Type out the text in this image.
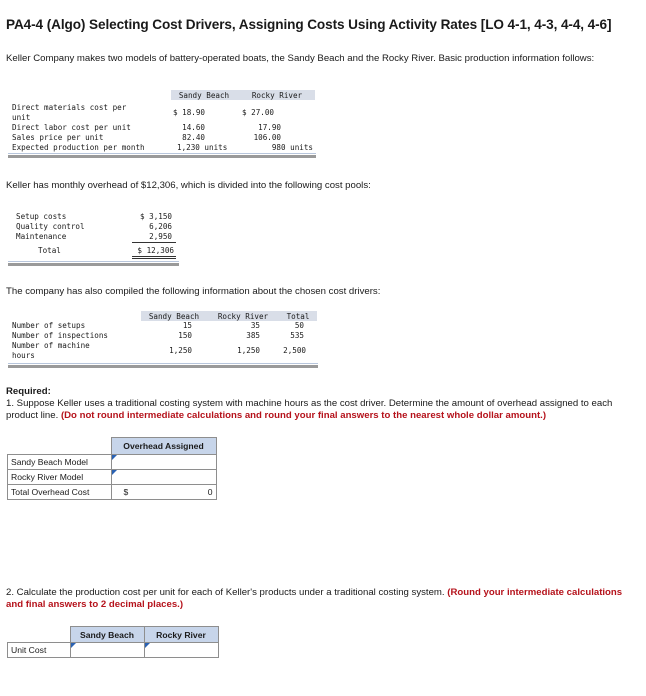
PA4-4 (Algo) Selecting Cost Drivers, Assigning Costs Using Activity Rates [LO 4-1, 4-3, 4-4, 4-6]
Keller Company makes two models of battery-operated boats, the Sandy Beach and the Rocky River. Basic production information follows:
Sandy Beach	Rocky River
Direct materials cost per
unit
$ 18.90	$ 27.00
Direct labor cost per unit	14.60	17.90
Sales price per unit	82.40	106.00
Expected production per month	1,230 units	980 units
Keller has monthly overhead of $12,306, which is divided into the following cost pools:
Setup costs	$ 3,150
Quality control	6,206
Maintenance	2,950
Total	$ 12,306
The company has also compiled the following information about the chosen cost drivers:
Sandy Beach	Rocky River	Total
Number of setups	15	35	50
Number of inspections	150	385	535
Number of machine
hours
1,250	1,250	2,500
Required:
1. Suppose Keller uses a traditional costing system with machine hours as the cost driver. Determine the amount of overhead assigned to each product line. (Do not round intermediate calculations and round your final answers to the nearest whole dollar amount.)
	Overhead Assigned
Sandy Beach Model	

Rocky River Model	

Total Overhead Cost	$ 0
2. Calculate the production cost per unit for each of Keller's products under a traditional costing system. (Round your intermediate calculations and final answers to 2 decimal places.)
	Sandy Beach	Rocky River
Unit Cost	
